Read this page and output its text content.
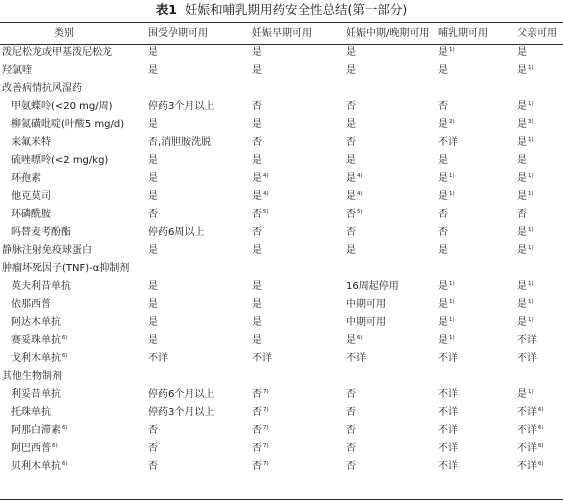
表1 妊娠和哺乳期用药安全性总结(第一部分)
类别	围受孕期可用	妊娠早期可用	妊娠中期/晚期可用	哺乳期可用	父亲可用
泼尼松龙或甲基泼尼松龙	是	是	是	是$^{1)}$	是
羟氯喹	是	是	是	是	是$^{1)}$
改善病情抗风湿药					
甲氨蝶呤(<20 mg/周)	停药3个月以上	否	否	否	是$^{1)}$
柳氮磺吡啶(叶酸5 mg/d)	是	是	是	是$^{2)}$	是$^{3)}$
来氟米特	否,消胆胺洗脱	否	否	不详	是$^{1)}$
硫唑嘌呤(<2 mg/kg)	是	是	是	是	是
环孢素	是	是$^{4)}$	是$^{4)}$	是$^{1)}$	是$^{1)}$
他克莫司	是	是$^{4)}$	是$^{4)}$	是$^{1)}$	是$^{1)}$
环磷酰胺	否	否$^{5)}$	否$^{5)}$	否	否
吗替麦考酚酯	停药6周以上	否	否	否	是$^{1)}$
静脉注射免疫球蛋白	是	是	是	是	是$^{1)}$
肿瘤坏死因子(TNF)-α抑制剂					
英夫利昔单抗	是	是	16周起停用	是$^{1)}$	是$^{1)}$
依那西普	是	是	中期可用	是$^{1)}$	是$^{1)}$
阿达木单抗	是	是	中期可用	是$^{1)}$	是$^{1)}$
赛妥珠单抗$^{6)}$	是	是	是$^{6)}$	是$^{1)}$	不详
戈利木单抗$^{6)}$	不详	不详	不详	不详	不详
其他生物制剂					
利妥昔单抗	停药6个月以上	否$^{7)}$	否	不详	是$^{1)}$
托珠单抗	停药3个月以上	否$^{7)}$	否	不详	不详$^{6)}$
阿那白滞素$^{6)}$	否	否$^{7)}$	否	不详	不详$^{6)}$
阿巴西普$^{6)}$	否	否$^{7)}$	否	不详	不详$^{6)}$
贝利木单抗$^{6)}$	否	否$^{7)}$	否	不详	不详$^{6)}$
